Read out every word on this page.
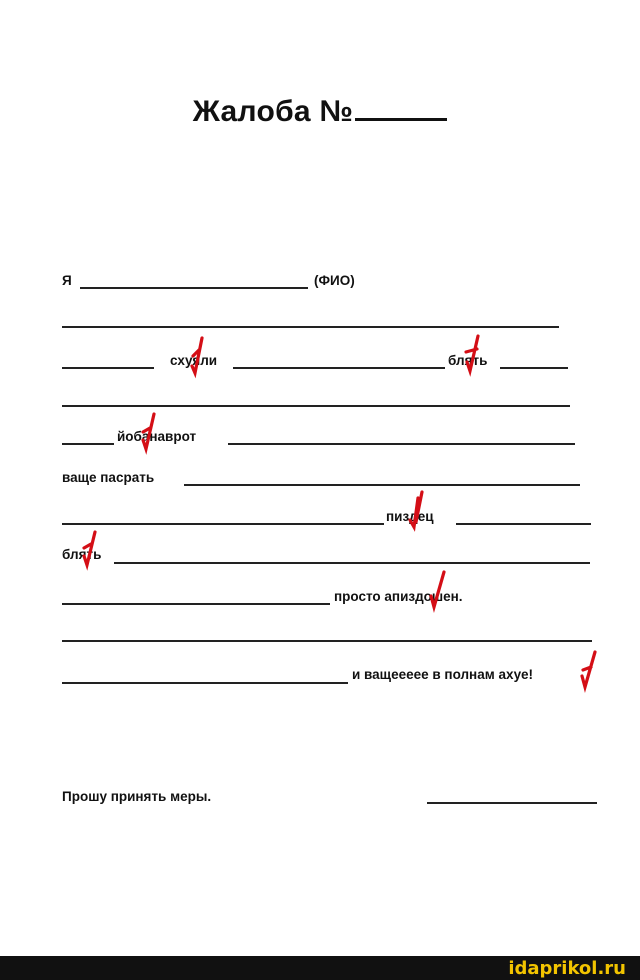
Жалоба №
Я	(ФИО)
схуяли	блять
йобанаврот
ваще пасрать
пиздец
блять
просто апиздошен.
и ващеееее в полнам ахуе!
Прошу принять меры.
idaprikol.ru
